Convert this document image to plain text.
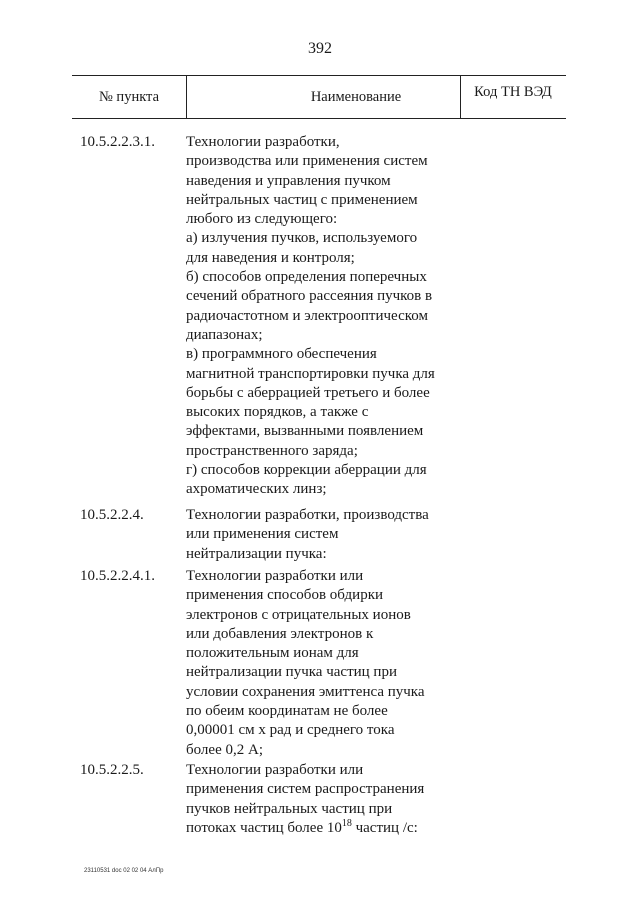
392
№ пункта	Наименование	Код ТН ВЭД
10.5.2.2.3.1. Технологии разработки,
производства или применения систем
наведения и управления пучком
нейтральных частиц с применением
любого из следующего:
а) излучения пучков, используемого
для наведения и контроля;
б) способов определения поперечных
сечений обратного рассеяния пучков в
радиочастотном и электрооптическом
диапазонах;
в) программного обеспечения
магнитной транспортировки пучка для
борьбы с аберрацией третьего и более
высоких порядков, а также с
эффектами, вызванными появлением
пространственного заряда;
г) способов коррекции аберрации для
ахроматических линз;
10.5.2.2.4.	Технологии разработки, производства
или применения систем
нейтрализации пучка:
10.5.2.2.4.1. Технологии разработки или
применения способов обдирки
электронов с отрицательных ионов
или добавления электронов к
положительным ионам для
нейтрализации пучка частиц при
условии сохранения эмиттенса пучка
по обеим координатам не более
0,00001 см х рад и среднего тока
более 0,2 А;
10.5.2.2.5.	Технологии разработки или
применения систем распространения
пучков нейтральных частиц при
потоках частиц более $10^{18}$ частиц /с:
23110531 doc 02 02 04 АлПр
